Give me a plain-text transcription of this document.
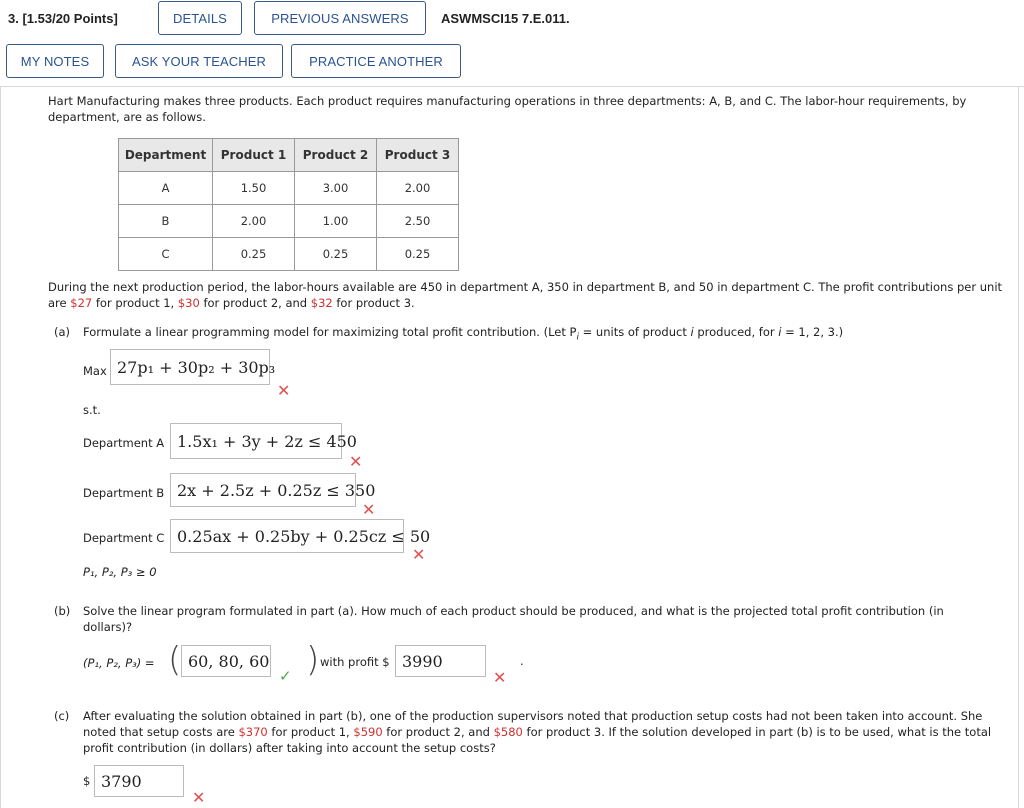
3. [1.53/20 Points]	DETAILS	PREVIOUS ANSWERS	ASWMSCI15 7.E.011.
MY NOTES	ASK YOUR TEACHER	PRACTICE ANOTHER
Hart Manufacturing makes three products. Each product requires manufacturing operations in three departments: A, B, and C. The labor-hour requirements, by department, are as follows.
Department	Product 1	Product 2	Product 3
A	1.50	3.00	2.00
B	2.00	1.00	2.50
C	0.25	0.25	0.25
During the next production period, the labor-hours available are 450 in department A, 350 in department B, and 50 in department C. The profit contributions per unit are $27 for product 1, $30 for product 2, and $32 for product 3.
(a) Formulate a linear programming model for maximizing total profit contribution. (Let $P_i$ = units of product i produced, for i = 1, 2, 3.)
Max 27p₁ + 30p₂ + 30p₃
✕
s.t.
Department A 1.5x₁ + 3y + 2z ≤ 450
✕
Department B 2x + 2.5z + 0.25z ≤ 350
✕
Department C 0.25ax + 0.25by + 0.25cz ≤ 50
✕
P₁, P₂, P₃ ≥ 0
(b) Solve the linear program formulated in part (a). How much of each product should be produced, and what is the projected total profit contribution (in dollars)?
(P₁, P₂, P₃) = ( 60, 80, 60
✓ ) with profit $ 3990	.
✕
(c) After evaluating the solution obtained in part (b), one of the production supervisors noted that production setup costs had not been taken into account. She noted that setup costs are $370 for product 1, $590 for product 2, and $580 for product 3. If the solution developed in part (b) is to be used, what is the total profit contribution (in dollars) after taking into account the setup costs?
$ 3790
✕
